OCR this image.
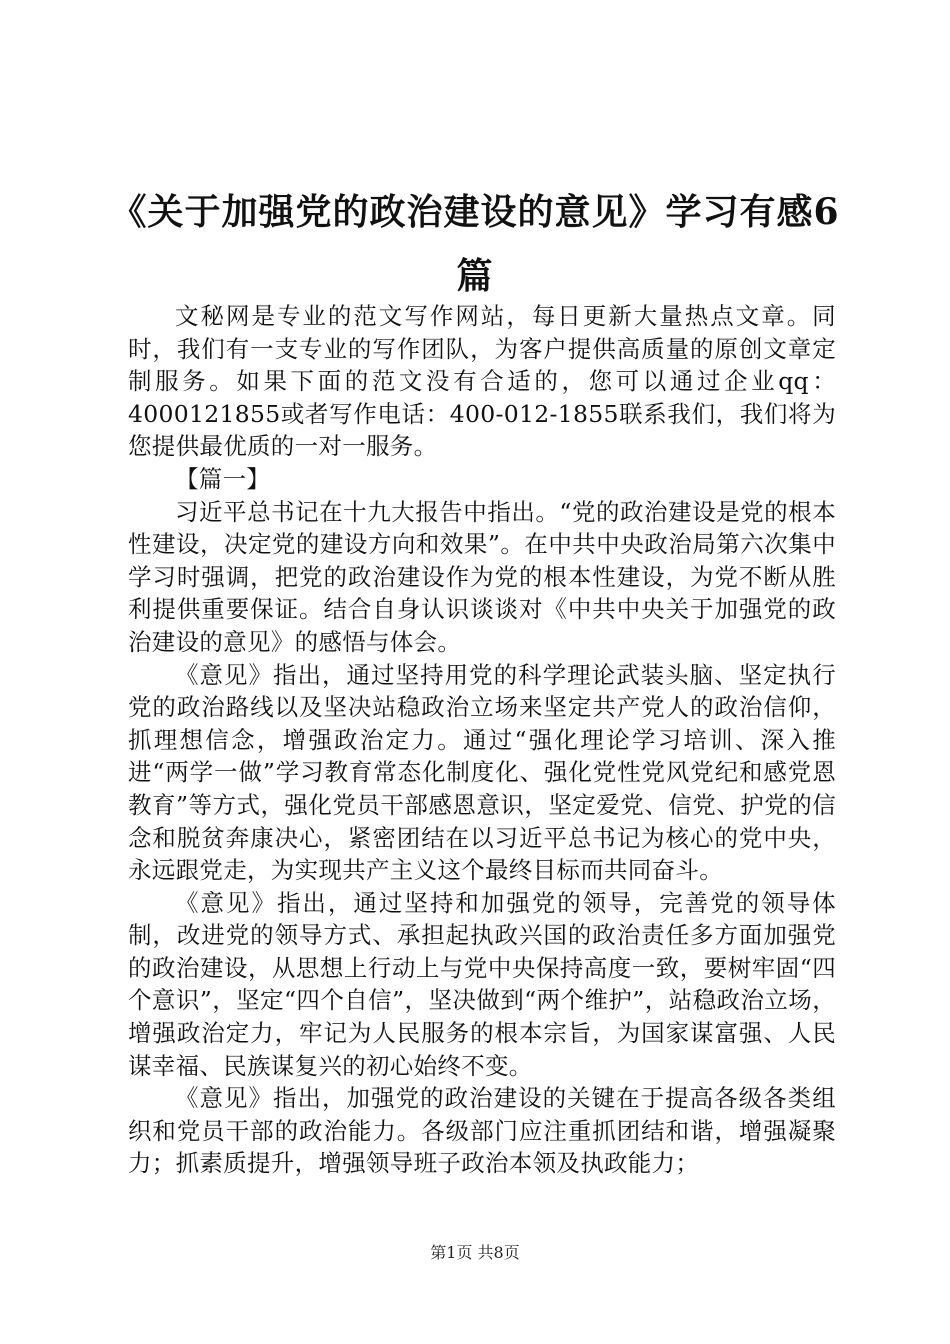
《关于加强党的政治建设的意见》学习有感6篇

文秘网是专业的范文写作网站，每日更新大量热点文章。同时，我们有一支专业的写作团队，为客户提供高质量的原创文章定制服务。如果下面的范文没有合适的，您可以通过企业qq：4000121855或者写作电话：400-012-1855联系我们，我们将为您提供最优质的一对一服务。

【篇一】

习近平总书记在十九大报告中指出。“党的政治建设是党的根本性建设，决定党的建设方向和效果”。在中共中央政治局第六次集中学习时强调，把党的政治建设作为党的根本性建设，为党不断从胜利提供重要保证。结合自身认识谈谈对《中共中央关于加强党的政治建设的意见》的感悟与体会。

《意见》指出，通过坚持用党的科学理论武装头脑、坚定执行党的政治路线以及坚决站稳政治立场来坚定共产党人的政治信仰，抓理想信念，增强政治定力。通过“强化理论学习培训、深入推进“两学一做”学习教育常态化制度化、强化党性党风党纪和感党恩教育”等方式，强化党员干部感恩意识，坚定爱党、信党、护党的信念和脱贫奔康决心，紧密团结在以习近平总书记为核心的党中央，永远跟党走，为实现共产主义这个最终目标而共同奋斗。

《意见》指出，通过坚持和加强党的领导，完善党的领导体制，改进党的领导方式、承担起执政兴国的政治责任多方面加强党的政治建设，从思想上行动上与党中央保持高度一致，要树牢固“四个意识”，坚定“四个自信”，坚决做到“两个维护”，站稳政治立场，增强政治定力，牢记为人民服务的根本宗旨，为国家谋富强、人民谋幸福、民族谋复兴的初心始终不变。

《意见》指出，加强党的政治建设的关键在于提高各级各类组织和党员干部的政治能力。各级部门应注重抓团结和谐，增强凝聚力；抓素质提升，增强领导班子政治本领及执政能力；

第1页 共8页
